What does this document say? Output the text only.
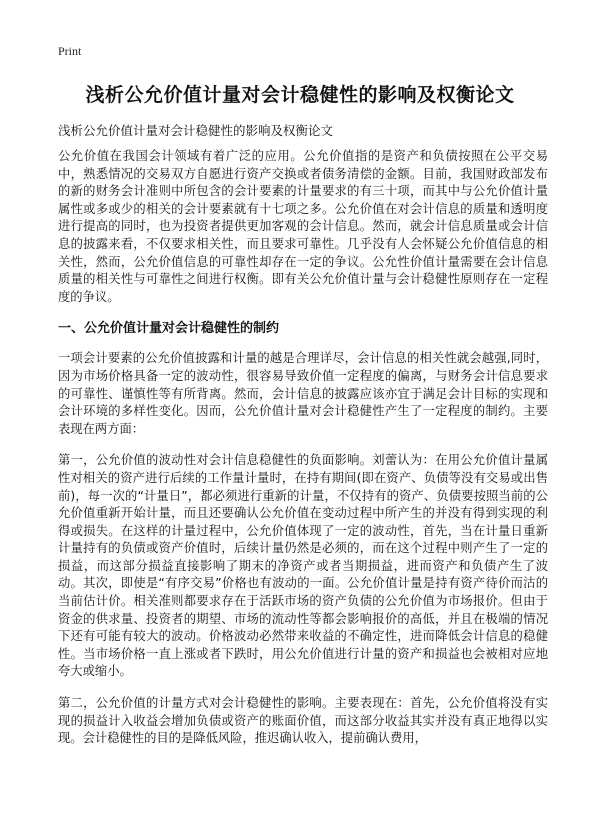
Print
浅析公允价值计量对会计稳健性的影响及权衡论文

浅析公允价值计量对会计稳健性的影响及权衡论文

公允价值在我国会计领域有着广泛的应用。公允价值指的是资产和负债按照在公平交易中，熟悉情况的交易双方自愿进行资产交换或者债务清偿的金额。目前，我国财政部发布的新的财务会计准则中所包含的会计要素的计量要求的有三十项，而其中与公允价值计量属性或多或少的相关的会计要素就有十七项之多。公允价值在对会计信息的质量和透明度进行提高的同时，也为投资者提供更加客观的会计信息。然而，就会计信息质量或会计信息的披露来看，不仅要求相关性，而且要求可靠性。几乎没有人会怀疑公允价值信息的相关性，然而，公允价值信息的可靠性却存在一定的争议。公允性价值计量需要在会计信息质量的相关性与可靠性之间进行权衡。即有关公允价值计量与会计稳健性原则存在一定程度的争议。

一、公允价值计量对会计稳健性的制约

一项会计要素的公允价值披露和计量的越是合理详尽，会计信息的相关性就会越强,同时，因为市场价格具备一定的波动性，很容易导致价值一定程度的偏离，与财务会计信息要求的可靠性、谨慎性等有所背离。然而，会计信息的披露应该亦宜于满足会计目标的实现和会计环境的多样性变化。因而，公允价值计量对会计稳健性产生了一定程度的制约。主要表现在两方面：

第一，公允价值的波动性对会计信息稳健性的负面影响。刘蕾认为：在用公允价值计量属性对相关的资产进行后续的工作量计量时，在持有期间(即在资产、负债等没有交易或出售前)，每一次的“计量日”，都必须进行重新的计量，不仅持有的资产、负债要按照当前的公允价值重新开始计量，而且还要确认公允价值在变动过程中所产生的并没有得到实现的利得或损失。在这样的计量过程中，公允价值体现了一定的波动性，首先，当在计量日重新计量持有的负债或资产价值时，后续计量仍然是必须的，而在这个过程中则产生了一定的损益，而这部分损益直接影响了期末的净资产或者当期损益，进而资产和负债产生了波动。其次，即使是“有序交易”价格也有波动的一面。公允价值计量是持有资产待价而沽的当前估计价。相关准则都要求存在于活跃市场的资产负债的公允价值为市场报价。但由于资金的供求量、投资者的期望、市场的流动性等都会影响报价的高低，并且在极端的情况下还有可能有较大的波动。价格波动必然带来收益的不确定性，进而降低会计信息的稳健性。当市场价格一直上涨或者下跌时，用公允价值进行计量的资产和损益也会被相对应地夸大或缩小。

第二，公允价值的计量方式对会计稳健性的影响。主要表现在：首先，公允价值将没有实现的损益计入收益会增加负债或资产的账面价值，而这部分收益其实并没有真正地得以实现。会计稳健性的目的是降低风险，推迟确认收入，提前确认费用，
